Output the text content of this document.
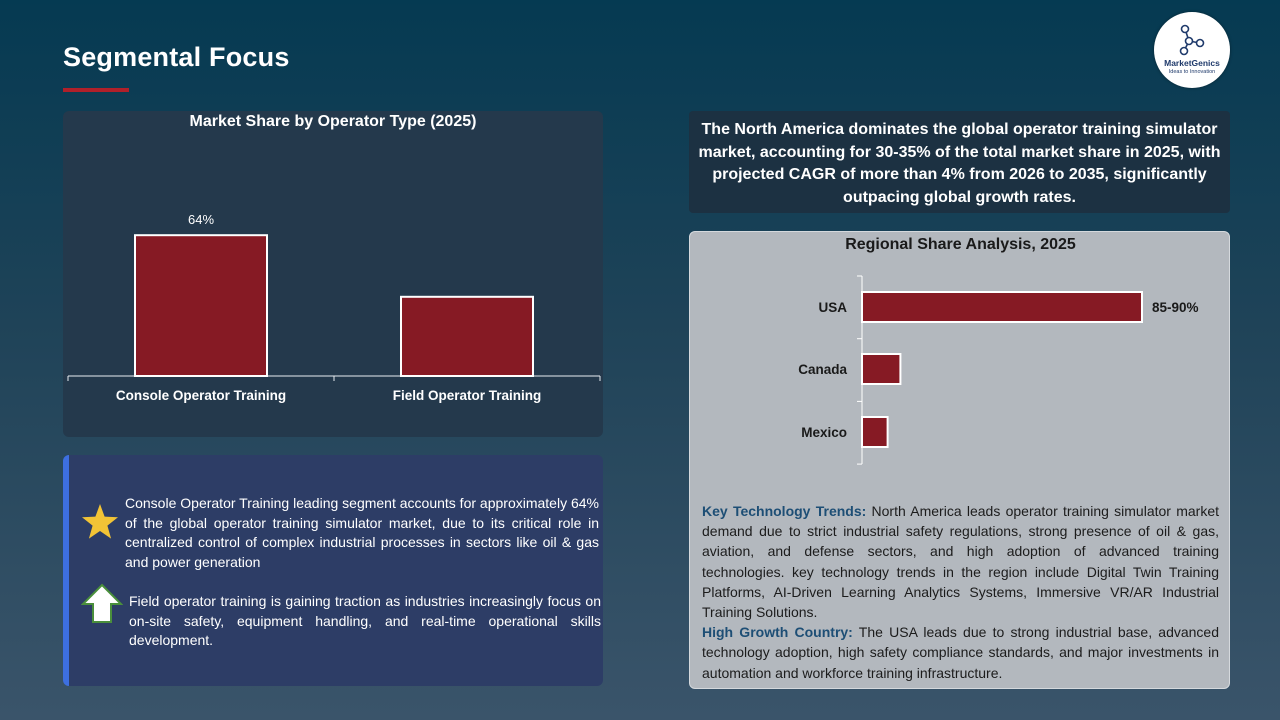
Segmental Focus	MarketGenics
Ideas to Innovation
64%
Console Operator Training	Field Operator Training
Market Share by Operator Type (2025)
Console Operator Training leading segment accounts for approximately 64% of the global operator training simulator market, due to its critical role in centralized control of complex industrial processes in sectors like oil & gas and power generation
Field operator training is gaining traction as industries increasingly focus on on-site safety, equipment handling, and real-time operational skills development.
The North America dominates the global operator training simulator market, accounting for 30-35% of the total market share in 2025, with projected CAGR of more than 4% from 2026 to 2035, significantly outpacing global growth rates.
USA	85-90%
Canada
Mexico
Regional Share Analysis, 2025
Key Technology Trends: North America leads operator training simulator market demand due to strict industrial safety regulations, strong presence of oil & gas, aviation, and defense sectors, and high adoption of advanced training technologies. key technology trends in the region include Digital Twin Training Platforms, AI-Driven Learning Analytics Systems, Immersive VR/AR Industrial Training Solutions.
High Growth Country: The USA leads due to strong industrial base, advanced technology adoption, high safety compliance standards, and major investments in automation and workforce training infrastructure.
